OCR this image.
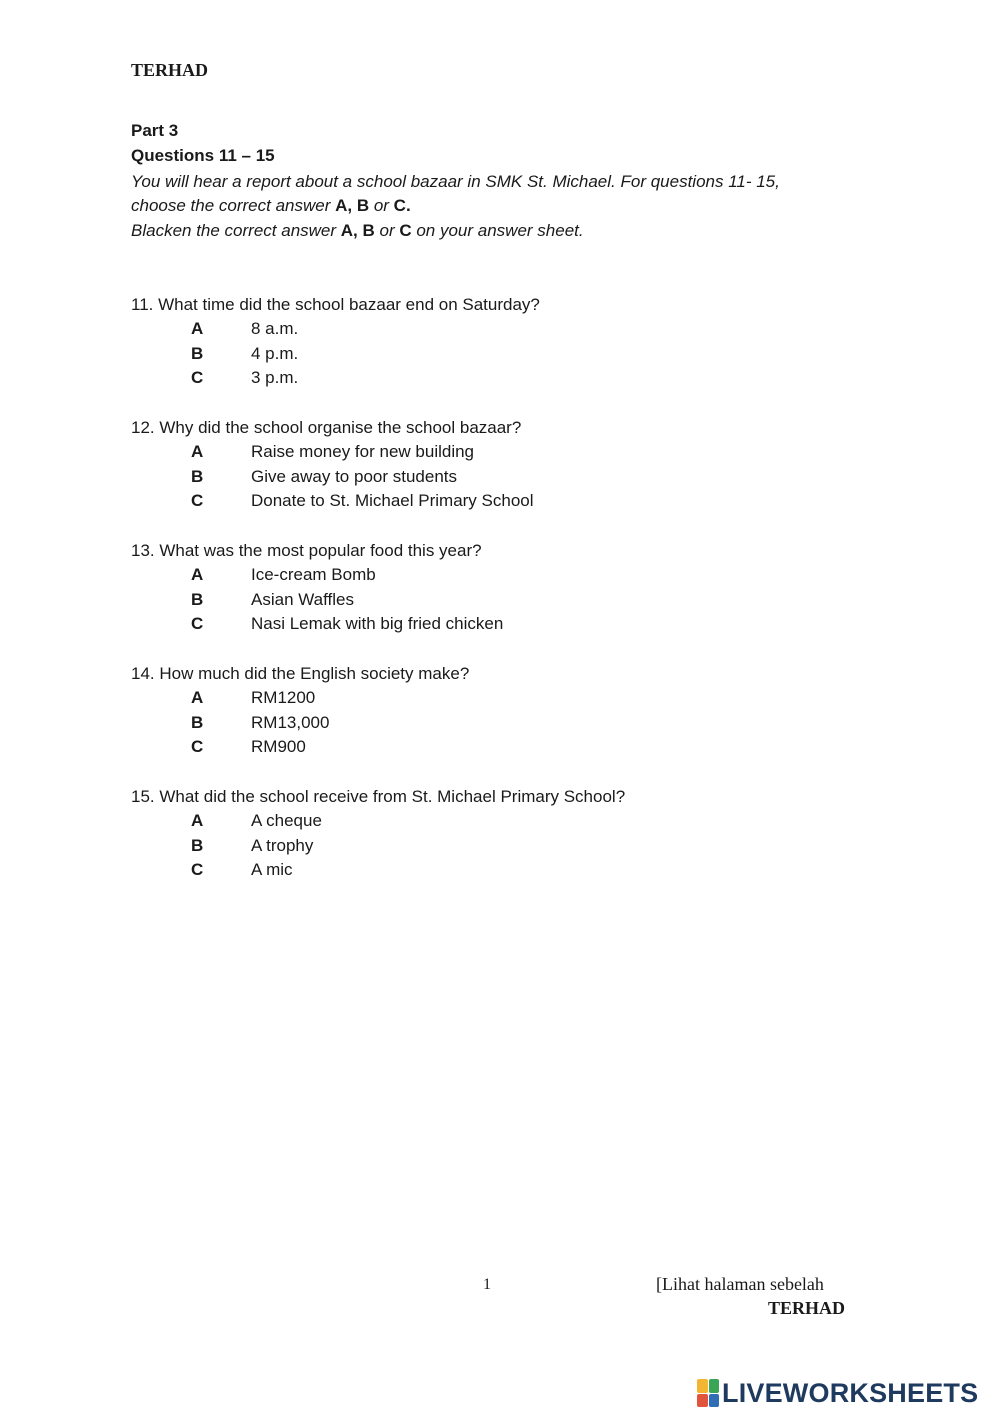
TERHAD
Part 3
Questions 11 – 15
You will hear a report about a school bazaar in SMK St. Michael. For questions 11- 15,
choose the correct answer A, B or C.
Blacken the correct answer A, B or C on your answer sheet.
11. What time did the school bazaar end on Saturday?
A	8 a.m.
B	4 p.m.
C	3 p.m.
12. Why did the school organise the school bazaar?
A	Raise money for new building
B	Give away to poor students
C	Donate to St. Michael Primary School
13. What was the most popular food this year?
A	Ice-cream Bomb
B	Asian Waffles
C	Nasi Lemak with big fried chicken
14. How much did the English society make?
A	RM1200
B	RM13,000
C	RM900
15. What did the school receive from St. Michael Primary School?
A	A cheque
B	A trophy
C	A mic
1	[Lihat halaman sebelah
TERHAD
LIVEWORKSHEETS
